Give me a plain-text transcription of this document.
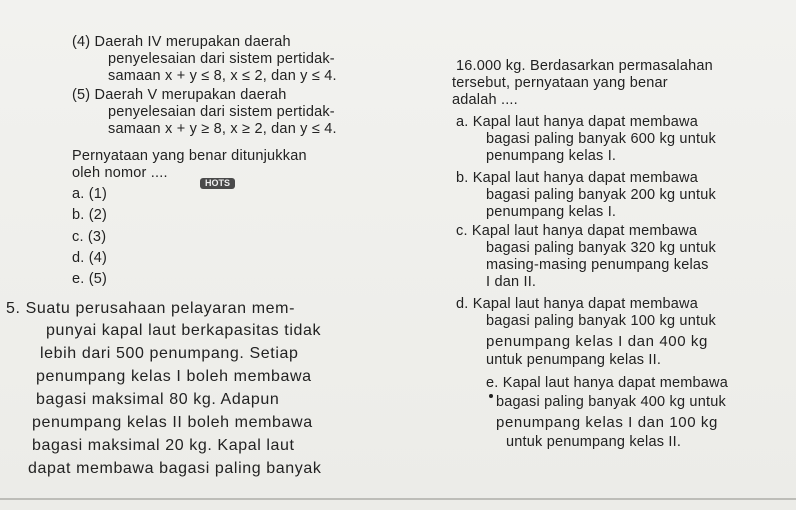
(4) Daerah IV merupakan daerah
penyelesaian dari sistem pertidak-
samaan x + y ≤ 8, x ≤ 2, dan y ≤ 4.
(5) Daerah V merupakan daerah
penyelesaian dari sistem pertidak-
samaan x + y ≥ 8, x ≥ 2, dan y ≤ 4.
Pernyataan yang benar ditunjukkan
oleh nomor ....
HOTS
a. (1)
b. (2)
c. (3)
d. (4)
e. (5)
5. Suatu perusahaan pelayaran mem-
punyai kapal laut berkapasitas tidak
lebih dari 500 penumpang. Setiap
penumpang kelas I boleh membawa
bagasi maksimal 80 kg. Adapun
penumpang kelas II boleh membawa
bagasi maksimal 20 kg. Kapal laut
dapat membawa bagasi paling banyak
16.000 kg. Berdasarkan permasalahan
tersebut, pernyataan yang benar
adalah ....
a. Kapal laut hanya dapat membawa
bagasi paling banyak 600 kg untuk
penumpang kelas I.
b. Kapal laut hanya dapat membawa
bagasi paling banyak 200 kg untuk
penumpang kelas I.
c. Kapal laut hanya dapat membawa
bagasi paling banyak 320 kg untuk
masing-masing penumpang kelas
I dan II.
d. Kapal laut hanya dapat membawa
bagasi paling banyak 100 kg untuk
penumpang kelas I dan 400 kg
untuk penumpang kelas II.
e. Kapal laut hanya dapat membawa
bagasi paling banyak 400 kg untuk
penumpang kelas I dan 100 kg
untuk penumpang kelas II.
